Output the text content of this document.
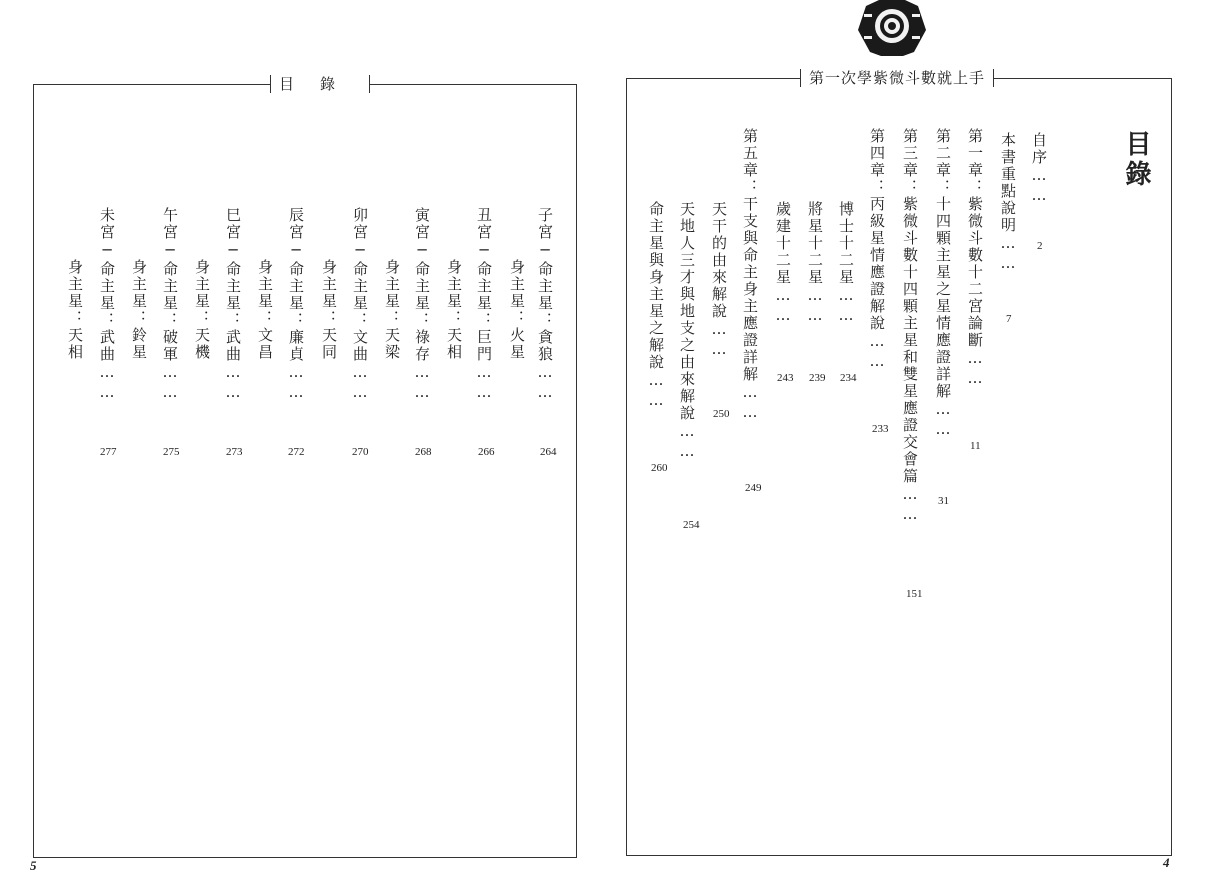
目錄
子宮─命主星：貪狼……
264
身主星：火星
丑宮─命主星：巨門……
266
身主星：天相
寅宮─命主星：祿存……
268
身主星：天梁
卯宮─命主星：文曲……
270
身主星：天同
辰宮─命主星：廉貞……
272
身主星：文昌
巳宮─命主星：武曲……
273
身主星：天機
午宮─命主星：破軍……
275
身主星：鈴星
未宮─命主星：武曲……
277
身主星：天相
5
第一次學紫微斗數就上手
目錄
自序……
2
本書重點說明……
7
第一章：紫微斗數十二宮論斷……
11
第二章：十四顆主星之星情應證詳解……
31
第三章：紫微斗數十四顆主星和雙星應證交會篇……
151
第四章：丙級星情應證解說……
233
博士十二星……
234
將星十二星……
239
歲建十二星……
243
第五章：干支與命主身主應證詳解……
249
天干的由來解說……
250
天地人三才與地支之由來解說……
254
命主星與身主星之解說……
260
4
